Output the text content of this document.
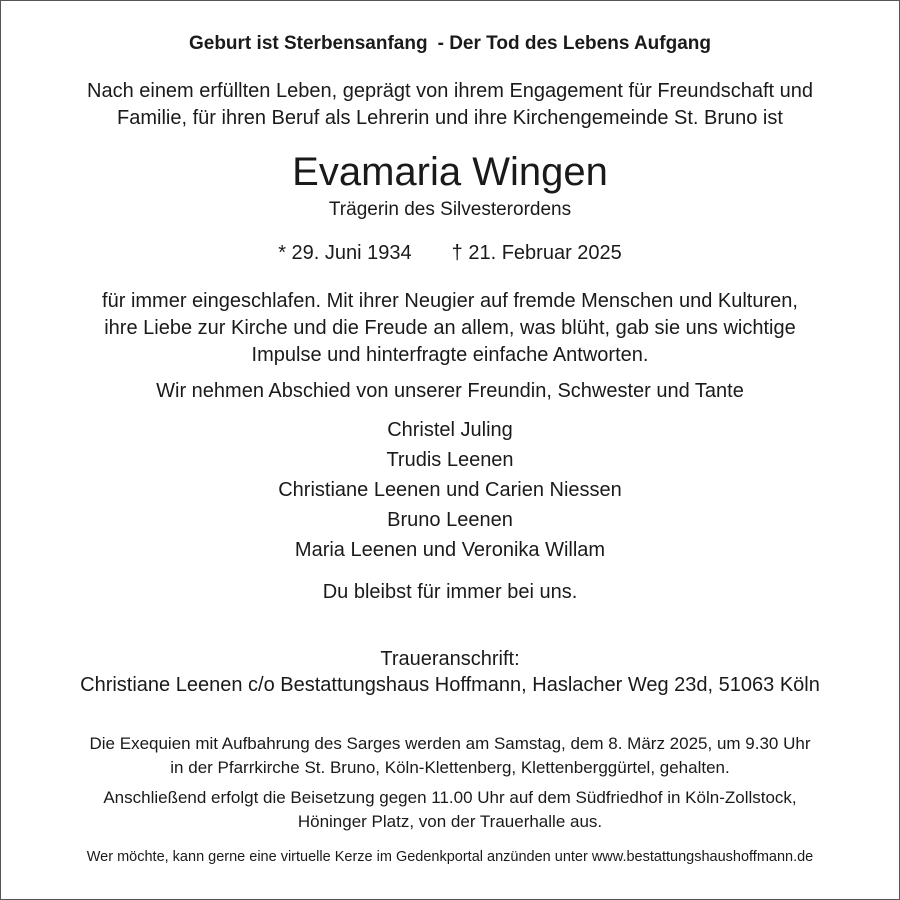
Geburt ist Sterbensanfang - Der Tod des Lebens Aufgang
Nach einem erfüllten Leben, geprägt von ihrem Engagement für Freundschaft und
Familie, für ihren Beruf als Lehrerin und ihre Kirchengemeinde St. Bruno ist
Evamaria Wingen
Trägerin des Silvesterordens
* 29. Juni 1934 † 21. Februar 2025
für immer eingeschlafen. Mit ihrer Neugier auf fremde Menschen und Kulturen,
ihre Liebe zur Kirche und die Freude an allem, was blüht, gab sie uns wichtige
Impulse und hinterfragte einfache Antworten.
Wir nehmen Abschied von unserer Freundin, Schwester und Tante
Christel Juling
Trudis Leenen
Christiane Leenen und Carien Niessen
Bruno Leenen
Maria Leenen und Veronika Willam
Du bleibst für immer bei uns.
Traueranschrift:
Christiane Leenen c/o Bestattungshaus Hoffmann, Haslacher Weg 23d, 51063 Köln
Die Exequien mit Aufbahrung des Sarges werden am Samstag, dem 8. März 2025, um 9.30 Uhr
in der Pfarrkirche St. Bruno, Köln-Klettenberg, Klettenberggürtel, gehalten.
Anschließend erfolgt die Beisetzung gegen 11.00 Uhr auf dem Südfriedhof in Köln-Zollstock,
Höninger Platz, von der Trauerhalle aus.
Wer möchte, kann gerne eine virtuelle Kerze im Gedenkportal anzünden unter www.bestattungshaushoffmann.de
